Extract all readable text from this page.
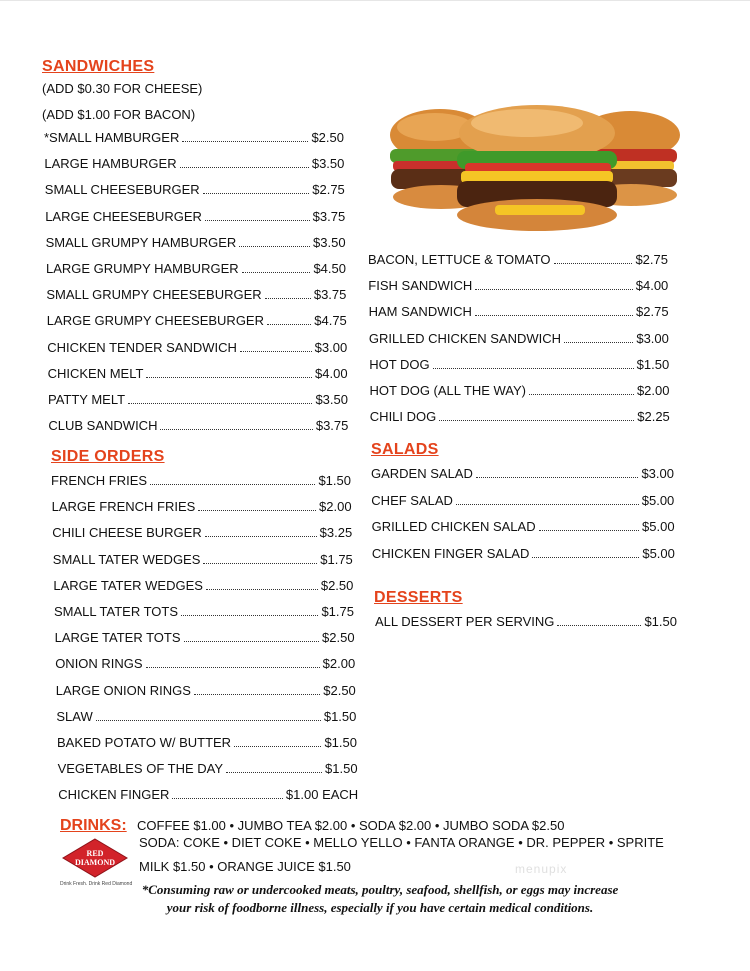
SANDWICHES
(ADD $0.30 FOR CHEESE)
(ADD $1.00 FOR BACON)
*SMALL HAMBURGER	$2.50
LARGE HAMBURGER	$3.50
SMALL CHEESEBURGER	$2.75
LARGE CHEESEBURGER	$3.75
SMALL GRUMPY HAMBURGER	$3.50
LARGE GRUMPY HAMBURGER	$4.50
SMALL GRUMPY CHEESEBURGER	$3.75
LARGE GRUMPY CHEESEBURGER	$4.75
CHICKEN TENDER SANDWICH	$3.00
CHICKEN MELT	$4.00
PATTY MELT	$3.50
CLUB SANDWICH	$3.75
BACON, LETTUCE & TOMATO	$2.75
FISH SANDWICH	$4.00
HAM SANDWICH	$2.75
GRILLED CHICKEN SANDWICH	$3.00
HOT DOG	$1.50
HOT DOG (ALL THE WAY)	$2.00
CHILI DOG	$2.25
SIDE ORDERS
FRENCH FRIES	$1.50
LARGE FRENCH FRIES	$2.00
CHILI CHEESE BURGER	$3.25
SMALL TATER WEDGES	$1.75
LARGE TATER WEDGES	$2.50
SMALL TATER TOTS	$1.75
LARGE TATER TOTS	$2.50
ONION RINGS	$2.00
LARGE ONION RINGS	$2.50
SLAW	$1.50
BAKED POTATO W/ BUTTER	$1.50
VEGETABLES OF THE DAY	$1.50
CHICKEN FINGER	$1.00 EACH
SALADS
GARDEN SALAD	$3.00
CHEF SALAD	$5.00
GRILLED CHICKEN SALAD	$5.00
CHICKEN FINGER SALAD	$5.00
DESSERTS
ALL DESSERT PER SERVING	$1.50
DRINKS: COFFEE $1.00 • JUMBO TEA $2.00 • SODA $2.00 • JUMBO SODA $2.50
SODA: COKE • DIET COKE • MELLO YELLO • FANTA ORANGE • DR. PEPPER • SPRITE
MILK $1.50 • ORANGE JUICE $1.50
RED
DIAMOND
Drink Fresh. Drink Red Diamond
menupix
*Consuming raw or undercooked meats, poultry, seafood, shellfish, or eggs may increase
your risk of foodborne illness, especially if you have certain medical conditions.
